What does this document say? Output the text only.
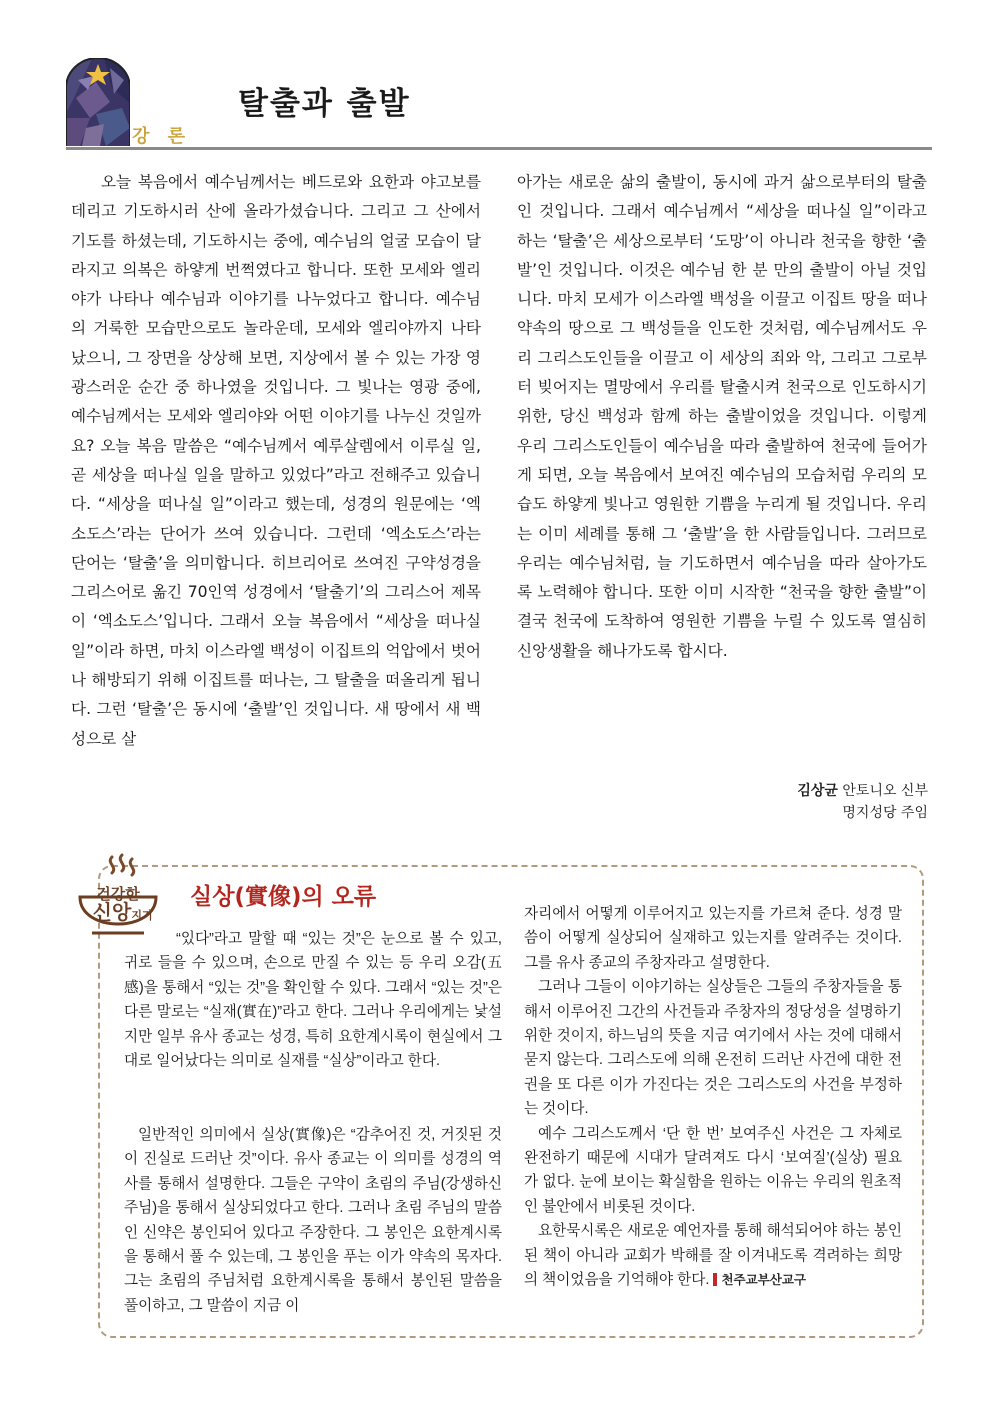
강 론
탈출과 출발

오늘 복음에서 예수님께서는 베드로와 요한과 야고보를 데리고 기도하시러 산에 올라가셨습니다. 그리고 그 산에서 기도를 하셨는데, 기도하시는 중에, 예수님의 얼굴 모습이 달라지고 의복은 하얗게 번쩍였다고 합니다. 또한 모세와 엘리야가 나타나 예수님과 이야기를 나누었다고 합니다. 예수님의 거룩한 모습만으로도 놀라운데, 모세와 엘리야까지 나타났으니, 그 장면을 상상해 보면, 지상에서 볼 수 있는 가장 영광스러운 순간 중 하나였을 것입니다. 그 빛나는 영광 중에, 예수님께서는 모세와 엘리야와 어떤 이야기를 나누신 것일까요? 오늘 복음 말씀은 “예수님께서 예루살렘에서 이루실 일, 곧 세상을 떠나실 일을 말하고 있었다”라고 전해주고 있습니다. “세상을 떠나실 일”이라고 했는데, 성경의 원문에는 ‘엑소도스’라는 단어가 쓰여 있습니다. 그런데 ‘엑소도스’라는 단어는 ‘탈출’을 의미합니다. 히브리어로 쓰여진 구약성경을 그리스어로 옮긴 70인역 성경에서 ‘탈출기’의 그리스어 제목이 ‘엑소도스’입니다. 그래서 오늘 복음에서 “세상을 떠나실 일”이라 하면, 마치 이스라엘 백성이 이집트의 억압에서 벗어나 해방되기 위해 이집트를 떠나는, 그 탈출을 떠올리게 됩니다. 그런 ‘탈출’은 동시에 ‘출발’인 것입니다. 새 땅에서 새 백성으로 살

아가는 새로운 삶의 출발이, 동시에 과거 삶으로부터의 탈출인 것입니다. 그래서 예수님께서 “세상을 떠나실 일”이라고 하는 ‘탈출’은 세상으로부터 ‘도망’이 아니라 천국을 향한 ‘출발’인 것입니다. 이것은 예수님 한 분 만의 출발이 아닐 것입니다. 마치 모세가 이스라엘 백성을 이끌고 이집트 땅을 떠나 약속의 땅으로 그 백성들을 인도한 것처럼, 예수님께서도 우리 그리스도인들을 이끌고 이 세상의 죄와 악, 그리고 그로부터 빚어지는 멸망에서 우리를 탈출시켜 천국으로 인도하시기 위한, 당신 백성과 함께 하는 출발이었을 것입니다. 이렇게 우리 그리스도인들이 예수님을 따라 출발하여 천국에 들어가게 되면, 오늘 복음에서 보여진 예수님의 모습처럼 우리의 모습도 하얗게 빛나고 영원한 기쁨을 누리게 될 것입니다. 우리는 이미 세례를 통해 그 ‘출발’을 한 사람들입니다. 그러므로 우리는 예수님처럼, 늘 기도하면서 예수님을 따라 살아가도록 노력해야 합니다. 또한 이미 시작한 “천국을 향한 출발”이 결국 천국에 도착하여 영원한 기쁨을 누릴 수 있도록 열심히 신앙생활을 해나가도록 합시다.

김상균 안토니오 신부
명지성당 주임
건강한
신앙 지기
실상(實像)의 오류

“있다”라고 말할 때 “있는 것”은 눈으로 볼 수 있고, 귀로 들을 수 있으며, 손으로 만질 수 있는 등 우리 오감(五感)을 통해서 “있는 것”을 확인할 수 있다. 그래서 “있는 것”은 다른 말로는 “실재(實在)”라고 한다. 그러나 우리에게는 낯설지만 일부 유사 종교는 성경, 특히 요한계시록이 현실에서 그대로 일어났다는 의미로 실재를 “실상”이라고 한다.

일반적인 의미에서 실상(實像)은 “감추어진 것, 거짓된 것이 진실로 드러난 것”이다. 유사 종교는 이 의미를 성경의 역사를 통해서 설명한다. 그들은 구약이 초림의 주님(강생하신 주님)을 통해서 실상되었다고 한다. 그러나 초림 주님의 말씀인 신약은 봉인되어 있다고 주장한다. 그 봉인은 요한계시록을 통해서 풀 수 있는데, 그 봉인을 푸는 이가 약속의 목자다. 그는 초림의 주님처럼 요한계시록을 통해서 봉인된 말씀을 풀이하고, 그 말씀이 지금 이

자리에서 어떻게 이루어지고 있는지를 가르쳐 준다. 성경 말씀이 어떻게 실상되어 실재하고 있는지를 알려주는 것이다. 그를 유사 종교의 주창자라고 설명한다.

그러나 그들이 이야기하는 실상들은 그들의 주창자들을 통해서 이루어진 그간의 사건들과 주창자의 정당성을 설명하기 위한 것이지, 하느님의 뜻을 지금 여기에서 사는 것에 대해서 묻지 않는다. 그리스도에 의해 온전히 드러난 사건에 대한 전권을 또 다른 이가 가진다는 것은 그리스도의 사건을 부정하는 것이다.

예수 그리스도께서 ‘단 한 번’ 보여주신 사건은 그 자체로 완전하기 때문에 시대가 달려져도 다시 ‘보여질’(실상) 필요가 없다. 눈에 보이는 확실함을 원하는 이유는 우리의 원초적인 불안에서 비롯된 것이다.

요한묵시록은 새로운 예언자를 통해 해석되어야 하는 봉인된 책이 아니라 교회가 박해를 잘 이겨내도록 격려하는 희망의 책이었음을 기억해야 한다. 천주교부산교구
